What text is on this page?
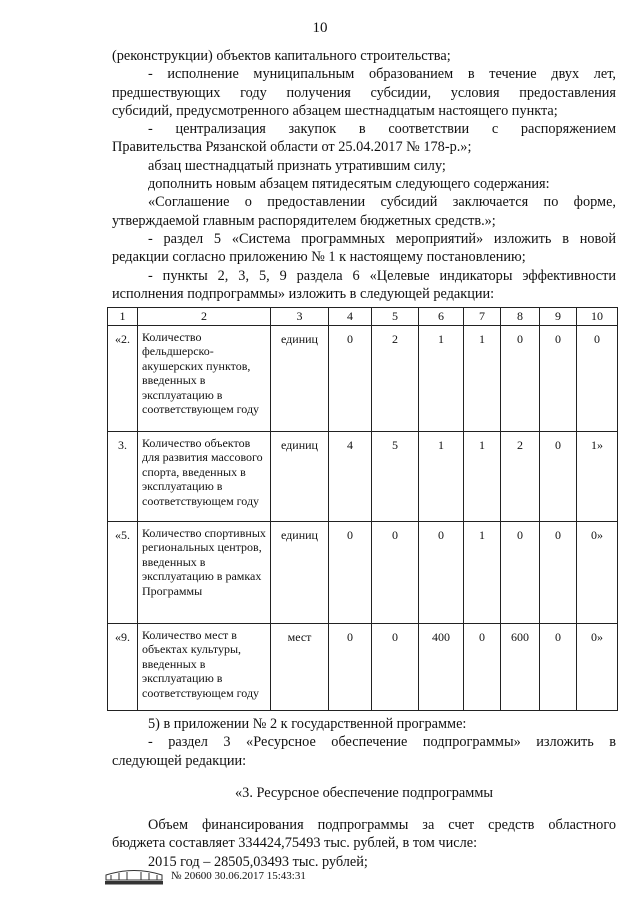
10

(реконструкции) объектов капитального строительства;

- исполнение муниципальным образованием в течение двух лет,

предшествующих году получения субсидии, условия предоставления

субсидий, предусмотренного абзацем шестнадцатым настоящего пункта;

- централизация закупок в соответствии с распоряжением

Правительства Рязанской области от 25.04.2017 № 178-р.»;

абзац шестнадцатый признать утратившим силу;

дополнить новым абзацем пятидесятым следующего содержания:

«Соглашение о предоставлении субсидий заключается по форме,

утверждаемой главным распорядителем бюджетных средств.»;

- раздел 5 «Система программных мероприятий» изложить в новой

редакции согласно приложению № 1 к настоящему постановлению;

- пункты 2, 3, 5, 9 раздела 6 «Целевые индикаторы эффективности

исполнения подпрограммы» изложить в следующей редакции:

1	2	3	4	5	6	7	8	9	10
«2.	Количество фельдшерско-акушерских пунктов, введенных в эксплуатацию в соответствующем году	единиц	0	2	1	1	0	0	0
3.	Количество объектов для развития массового спорта, введенных в эксплуатацию в соответствующем году	единиц	4	5	1	1	2	0	1»
«5.	Количество спортивных региональных центров, введенных в эксплуатацию в рамках Программы	единиц	0	0	0	1	0	0	0»
«9.	Количество мест в объектах культуры, введенных в эксплуатацию в соответствующем году	мест	0	0	400	0	600	0	0»

5) в приложении № 2 к государственной программе:

- раздел 3 «Ресурсное обеспечение подпрограммы» изложить в

следующей редакции:

«3. Ресурсное обеспечение подпрограммы

Объем финансирования подпрограммы за счет средств областного

бюджета составляет 334424,75493 тыс. рублей, в том числе:

2015 год – 28505,03493 тыс. рублей;

№ 20600 30.06.2017 15:43:31
